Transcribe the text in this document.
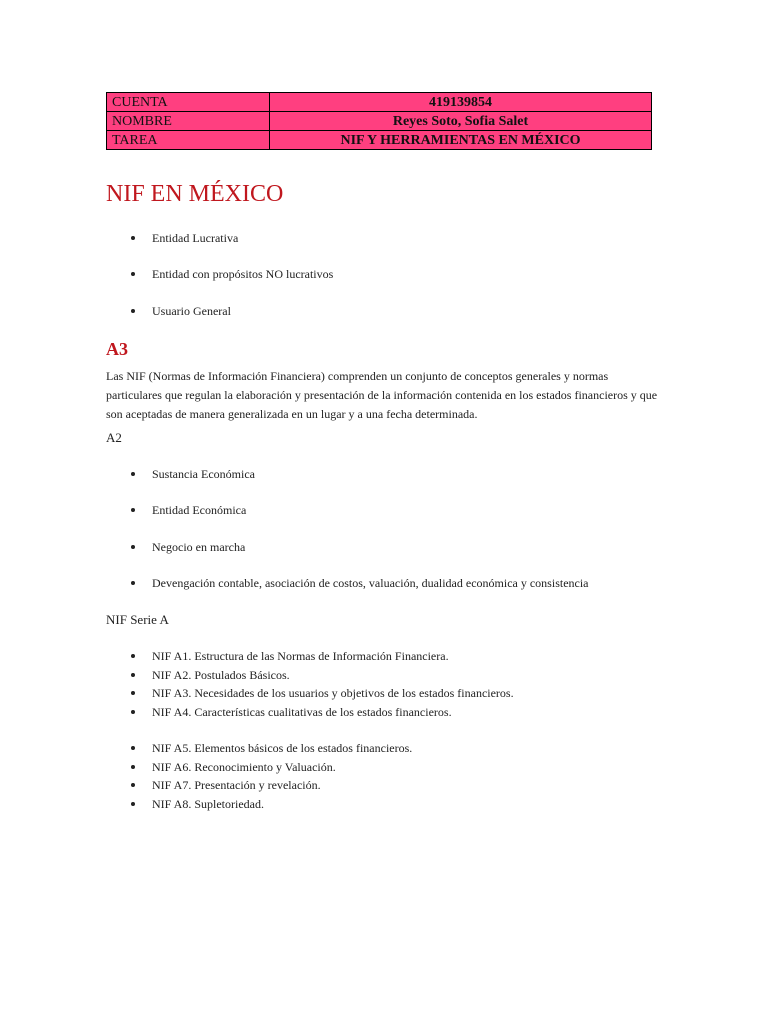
CUENTA	419139854
NOMBRE	Reyes Soto, Sofia Salet
TAREA	NIF Y HERRAMIENTAS EN MÉXICO
NIF EN MÉXICO
Entidad Lucrativa
Entidad con propósitos NO lucrativos
Usuario General
A3

Las NIF (Normas de Información Financiera) comprenden un conjunto de conceptos generales y normas particulares que regulan la elaboración y presentación de la información contenida en los estados financieros y que son aceptadas de manera generalizada en un lugar y a una fecha determinada.

A2

Sustancia Económica
Entidad Económica
Negocio en marcha
Devengación contable, asociación de costos, valuación, dualidad económica y consistencia

NIF Serie A

NIF A1. Estructura de las Normas de Información Financiera.
NIF A2. Postulados Básicos.
NIF A3. Necesidades de los usuarios y objetivos de los estados financieros.
NIF A4. Características cualitativas de los estados financieros.
NIF A5. Elementos básicos de los estados financieros.
NIF A6. Reconocimiento y Valuación.
NIF A7. Presentación y revelación.
NIF A8. Supletoriedad.
